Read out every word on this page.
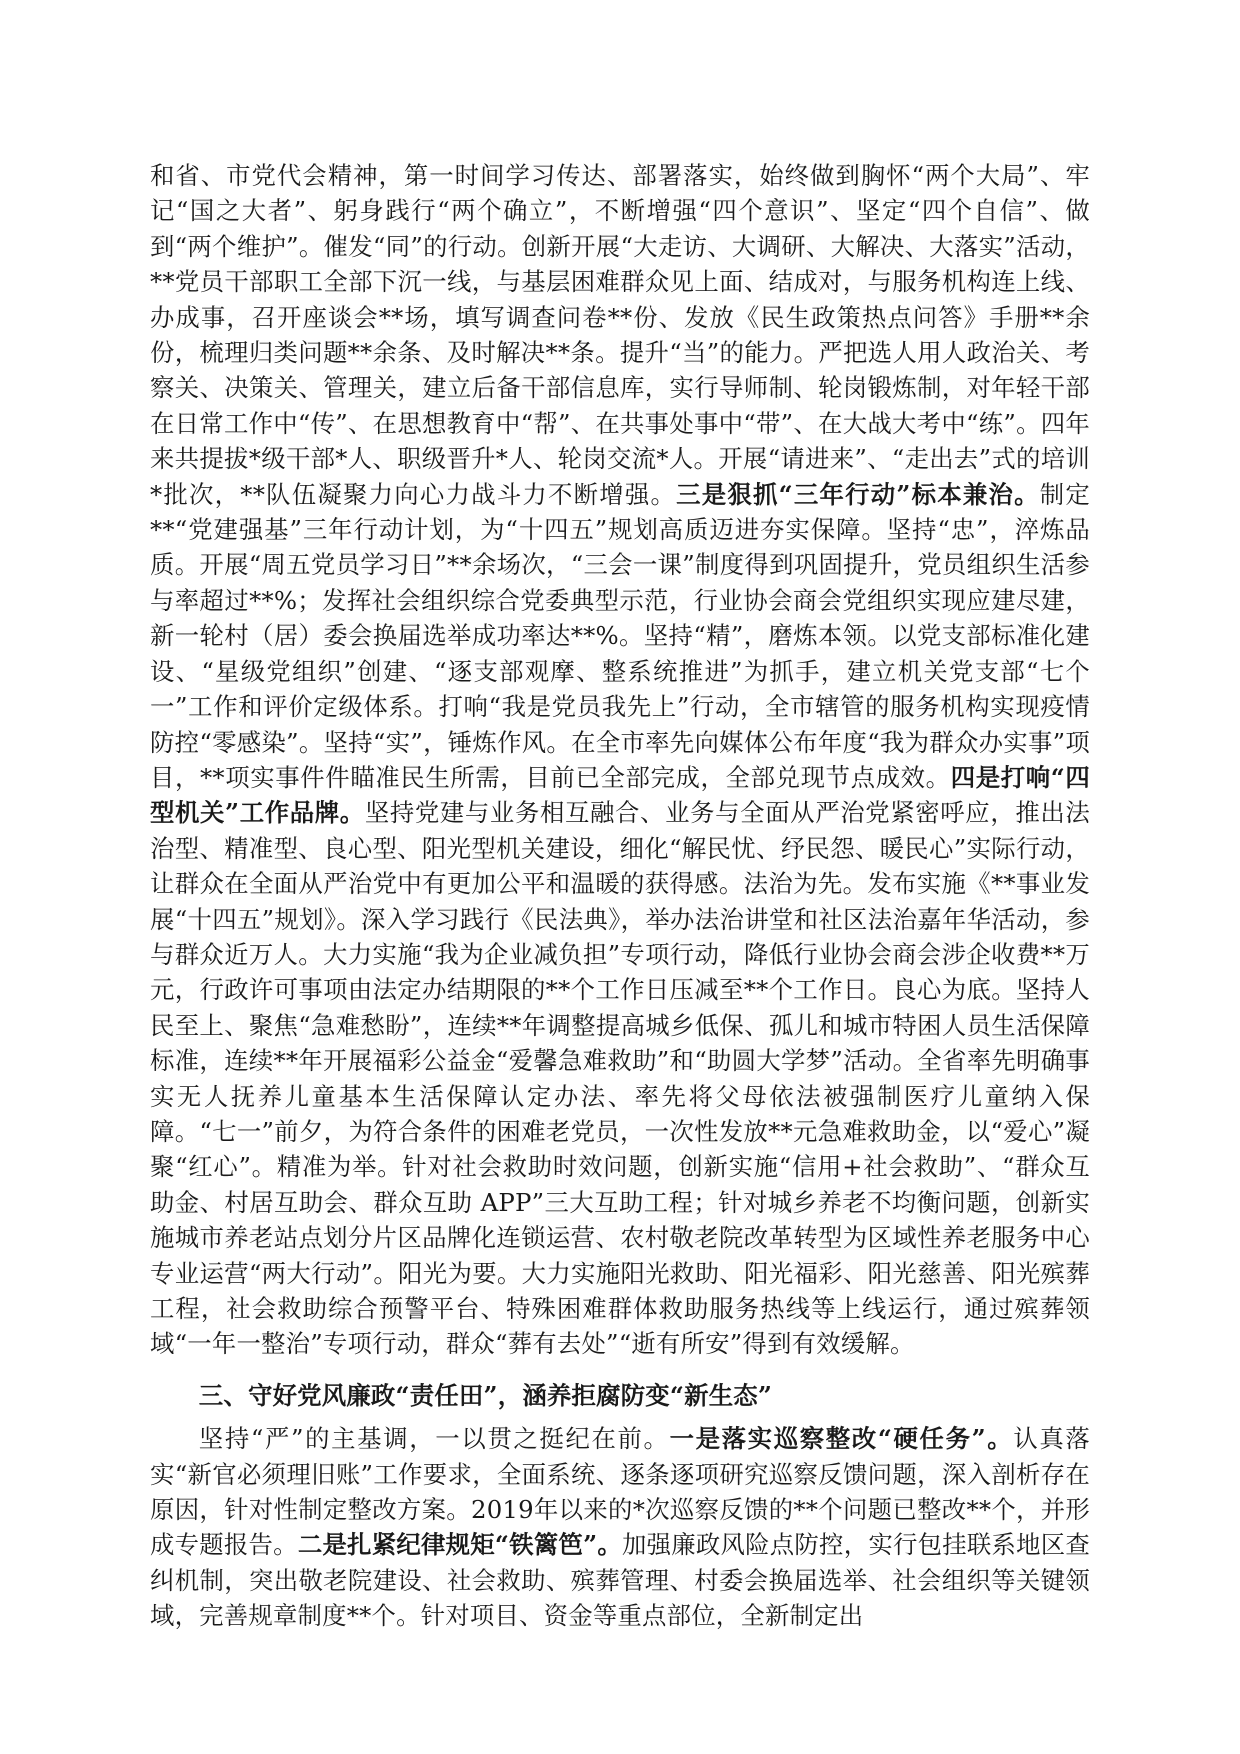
和省、市党代会精神，第一时间学习传达、部署落实，始终做到胸怀“两个大局”、牢记“国之大者”、躬身践行“两个确立”，不断增强“四个意识”、坚定“四个自信”、做到“两个维护”。催发“同”的行动。创新开展“大走访、大调研、大解决、大落实”活动，**党员干部职工全部下沉一线，与基层困难群众见上面、结成对，与服务机构连上线、办成事，召开座谈会**场，填写调查问卷**份、发放《民生政策热点问答》手册**余份，梳理归类问题**余条、及时解决**条。提升“当”的能力。严把选人用人政治关、考察关、决策关、管理关，建立后备干部信息库，实行导师制、轮岗锻炼制，对年轻干部在日常工作中“传”、在思想教育中“帮”、在共事处事中“带”、在大战大考中“练”。四年来共提拔*级干部*人、职级晋升*人、轮岗交流*人。开展“请进来”、“走出去”式的培训*批次，**队伍凝聚力向心力战斗力不断增强。三是狠抓“三年行动”标本兼治。制定**“党建强基”三年行动计划，为“十四五”规划高质迈进夯实保障。坚持“忠”，淬炼品质。开展“周五党员学习日”**余场次，“三会一课”制度得到巩固提升，党员组织生活参与率超过**%；发挥社会组织综合党委典型示范，行业协会商会党组织实现应建尽建，新一轮村（居）委会换届选举成功率达**%。坚持“精”，磨炼本领。以党支部标准化建设、“星级党组织”创建、“逐支部观摩、整系统推进”为抓手，建立机关党支部“七个一”工作和评价定级体系。打响“我是党员我先上”行动，全市辖管的服务机构实现疫情防控“零感染”。坚持“实”，锤炼作风。在全市率先向媒体公布年度“我为群众办实事”项目，**项实事件件瞄准民生所需，目前已全部完成，全部兑现节点成效。四是打响“四型机关”工作品牌。坚持党建与业务相互融合、业务与全面从严治党紧密呼应，推出法治型、精准型、良心型、阳光型机关建设，细化“解民忧、纾民怨、暖民心”实际行动，让群众在全面从严治党中有更加公平和温暖的获得感。法治为先。发布实施《**事业发展“十四五”规划》。深入学习践行《民法典》，举办法治讲堂和社区法治嘉年华活动，参与群众近万人。大力实施“我为企业减负担”专项行动，降低行业协会商会涉企收费**万元，行政许可事项由法定办结期限的**个工作日压减至**个工作日。良心为底。坚持人民至上、聚焦“急难愁盼”，连续**年调整提高城乡低保、孤儿和城市特困人员生活保障标准，连续**年开展福彩公益金“爱馨急难救助”和“助圆大学梦”活动。全省率先明确事实无人抚养儿童基本生活保障认定办法、率先将父母依法被强制医疗儿童纳入保障。“七一”前夕，为符合条件的困难老党员，一次性发放**元急难救助金，以“爱心”凝聚“红心”。精准为举。针对社会救助时效问题，创新实施“信用+社会救助”、“群众互助金、村居互助会、群众互助 APP”三大互助工程；针对城乡养老不均衡问题，创新实施城市养老站点划分片区品牌化连锁运营、农村敬老院改革转型为区域性养老服务中心专业运营“两大行动”。阳光为要。大力实施阳光救助、阳光福彩、阳光慈善、阳光殡葬工程，社会救助综合预警平台、特殊困难群体救助服务热线等上线运行，通过殡葬领域“一年一整治”专项行动，群众“葬有去处”“逝有所安”得到有效缓解。

三、守好党风廉政“责任田”，涵养拒腐防变“新生态”

坚持“严”的主基调，一以贯之挺纪在前。一是落实巡察整改“硬任务”。认真落实“新官必须理旧账”工作要求，全面系统、逐条逐项研究巡察反馈问题，深入剖析存在原因，针对性制定整改方案。2019年以来的*次巡察反馈的**个问题已整改**个，并形成专题报告。二是扎紧纪律规矩“铁篱笆”。加强廉政风险点防控，实行包挂联系地区查纠机制，突出敬老院建设、社会救助、殡葬管理、村委会换届选举、社会组织等关键领域，完善规章制度**个。针对项目、资金等重点部位，全新制定出
